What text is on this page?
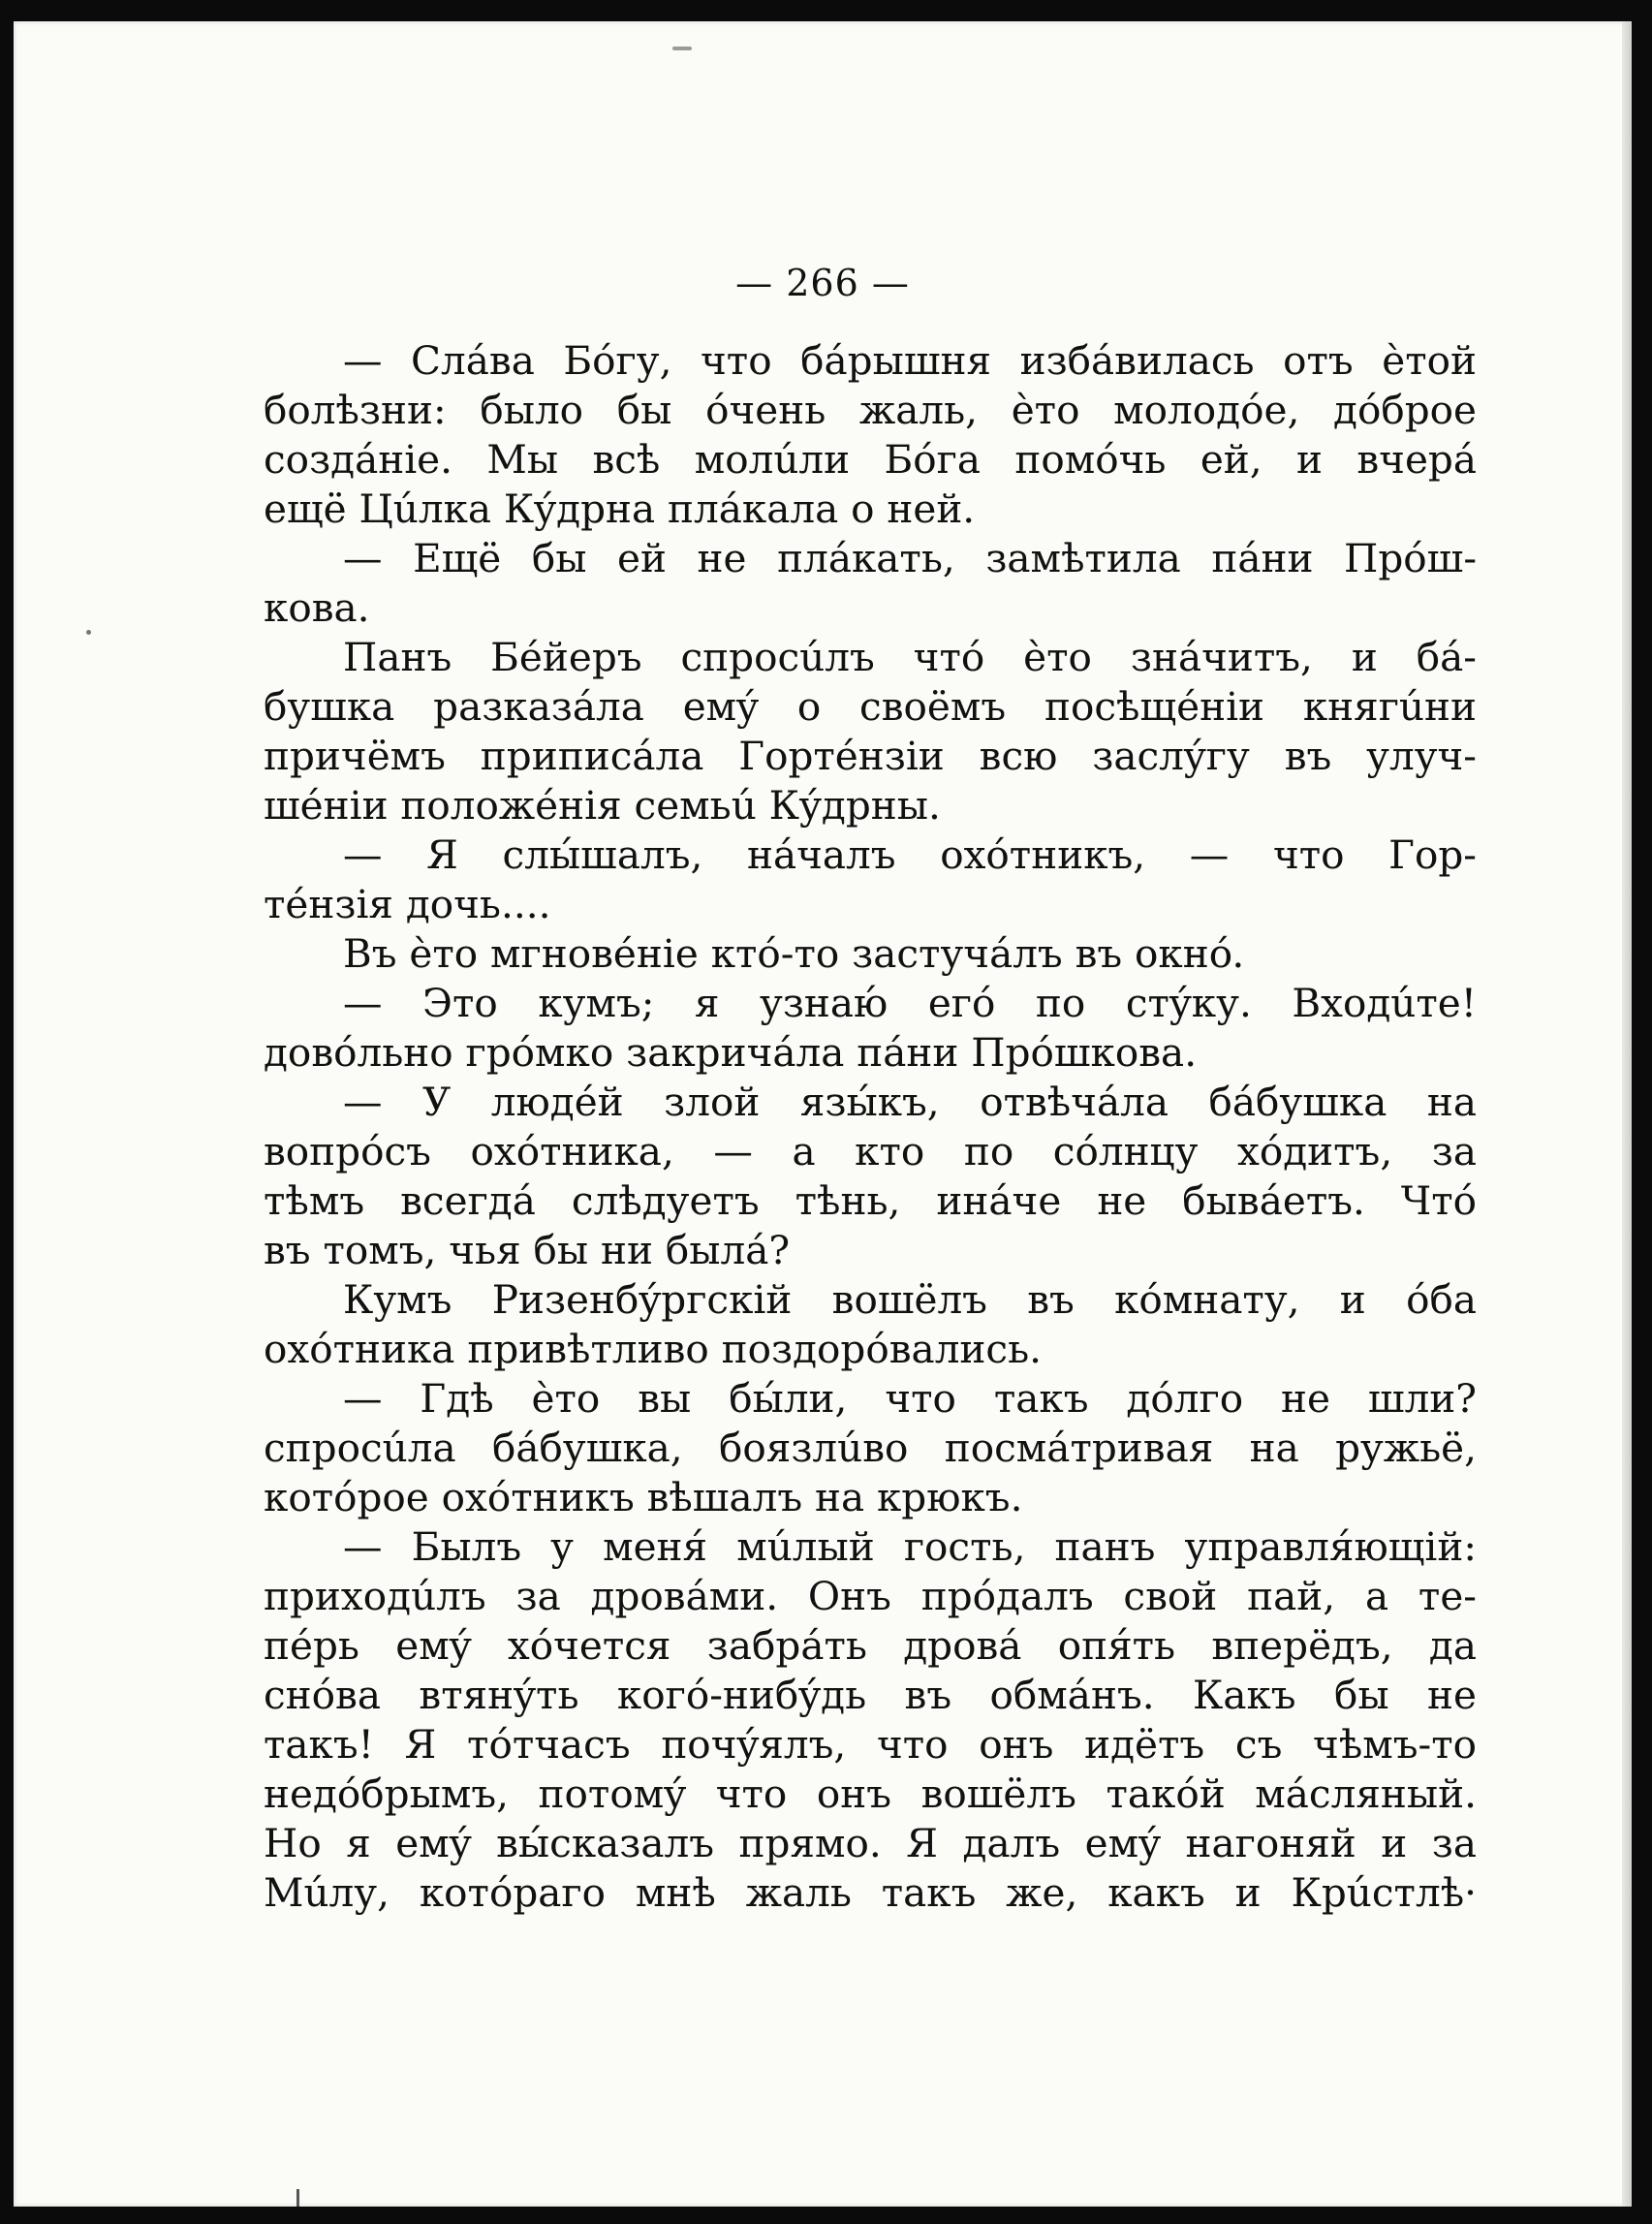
— 266 —
— Слáва Бóгу, что бáрышня избáвилась отъ ѐтой
болѣзни: было бы óчень жаль, ѐто молодóе, дóброе
создáніе. Мы всѣ молúли Бóга помóчь ей, и вчерá
ещё Цúлка Кýдрна плáкала о ней.
— Ещё бы ей не плáкать, замѣтила пáни Прóш-
кова.
Панъ Бéйеръ спросúлъ чтó ѐто знáчитъ, и бá-
бушка разказáла емý о своёмъ посѣщéніи княгúни
причёмъ приписáла Гортéнзіи всю заслýгу въ улуч-
шéніи положéнія семьú Кýдрны.
— Я слы́шалъ, нáчалъ охóтникъ, — что Гор-
тéнзія дочь....
Въ ѐто мгновéніе ктó-то застучáлъ въ окнó.
— Это кумъ; я узнаю́ егó по стýку. Входúте!
довóльно грóмко закричáла пáни Прóшкова.
— У людéй злой язы́къ, отвѣчáла бáбушка на
вопрóсъ охóтника, — а кто по сóлнцу хóдитъ, за
тѣмъ всегдá слѣдуетъ тѣнь, инáче не бывáетъ. Чтó
въ томъ, чья бы ни былá?
Кумъ Ризенбýргскій вошёлъ въ кóмнату, и óба
охóтника привѣтливо поздорóвались.
— Гдѣ ѐто вы бы́ли, что такъ дóлго не шли?
спросúла бáбушка, боязлúво посмáтривая на ружьё,
котóрое охóтникъ вѣшалъ на крюкъ.
— Былъ у меня́ мúлый гость, панъ управля́ющій:
приходúлъ за дровáми. Онъ прóдалъ свой пай, а те-
пéрь емý хóчется забрáть дровá опя́ть вперёдъ, да
снóва втянýть когó-нибýдь въ обмáнъ. Какъ бы не
такъ! Я тóтчасъ почýялъ, что онъ идётъ съ чѣмъ-то
недóбрымъ, потомý что онъ вошёлъ такóй мáсляный.
Но я емý вы́сказалъ прямо. Я далъ емý нагоняй и за
Мúлу, котóраго мнѣ жаль такъ же, какъ и Крúстлѣ·
